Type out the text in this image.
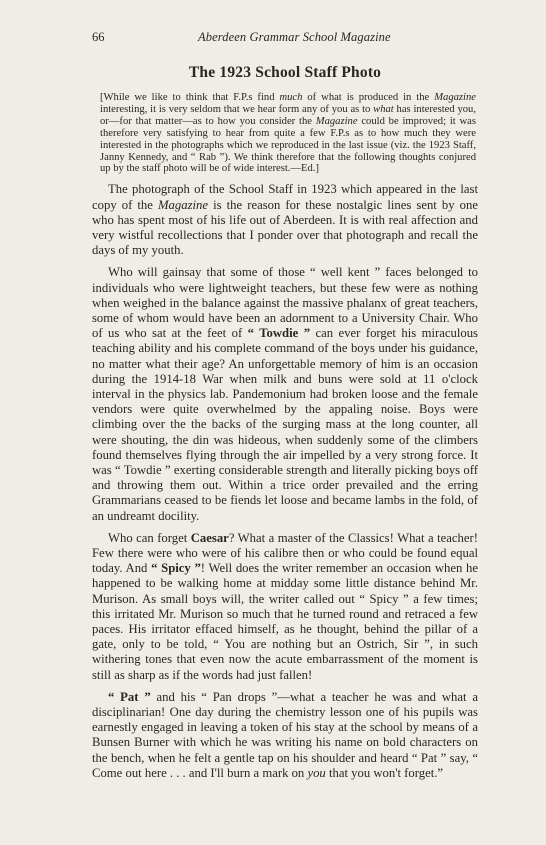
66	Aberdeen Grammar School Magazine
The 1923 School Staff Photo

[While we like to think that F.P.s find much of what is produced in the Magazine interesting, it is very seldom that we hear form any of you as to what has interested you, or—for that matter—as to how you consider the Magazine could be improved; it was therefore very satisfying to hear from quite a few F.P.s as to how much they were interested in the photographs which we reproduced in the last issue (viz. the 1923 Staff, Janny Kennedy, and “ Rab ”). We think therefore that the following thoughts conjured up by the staff photo will be of wide interest.—Ed.]

The photograph of the School Staff in 1923 which appeared in the last copy of the Magazine is the reason for these nostalgic lines sent by one who has spent most of his life out of Aberdeen. It is with real affection and very wistful recollections that I ponder over that photograph and recall the days of my youth.

Who will gainsay that some of those “ well kent ” faces belonged to individuals who were lightweight teachers, but these few were as nothing when weighed in the balance against the massive phalanx of great teachers, some of whom would have been an adornment to a University Chair. Who of us who sat at the feet of “ Towdie ” can ever forget his miraculous teaching ability and his complete command of the boys under his guidance, no matter what their age? An unforgettable memory of him is an occasion during the 1914-18 War when milk and buns were sold at 11 o'clock interval in the physics lab. Pandemonium had broken loose and the female vendors were quite overwhelmed by the appaling noise. Boys were climbing over the the backs of the surging mass at the long counter, all were shouting, the din was hideous, when suddenly some of the climbers found themselves flying through the air impelled by a very strong force. It was “ Towdie ” exerting considerable strength and literally picking boys off and throwing them out. Within a trice order prevailed and the erring Grammarians ceased to be fiends let loose and became lambs in the fold, of an undreamt docility.

Who can forget Caesar? What a master of the Classics! What a teacher! Few there were who were of his calibre then or who could be found equal today. And “ Spicy ”! Well does the writer remember an occasion when he happened to be walking home at midday some little distance behind Mr. Murison. As small boys will, the writer called out “ Spicy ” a few times; this irritated Mr. Murison so much that he turned round and retraced a few paces. His irritator effaced himself, as he thought, behind the pillar of a gate, only to be told, “ You are nothing but an Ostrich, Sir ”, in such withering tones that even now the acute embarrassment of the moment is still as sharp as if the words had just fallen!

“ Pat ” and his “ Pan drops ”—what a teacher he was and what a disciplinarian! One day during the chemistry lesson one of his pupils was earnestly engaged in leaving a token of his stay at the school by means of a Bunsen Burner with which he was writing his name on bold characters on the bench, when he felt a gentle tap on his shoulder and heard “ Pat ” say, “ Come out here . . . and I'll burn a mark on you that you won't forget.”
